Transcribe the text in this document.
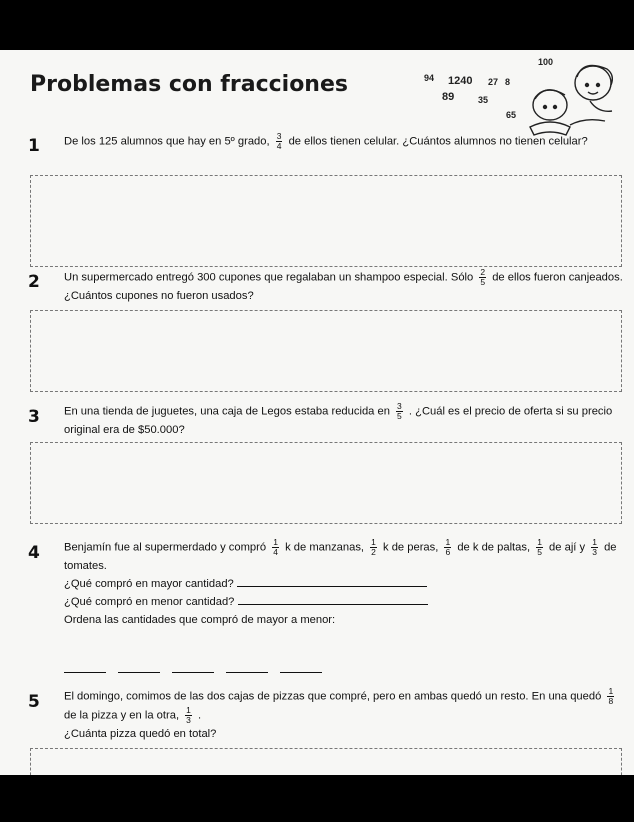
Problemas con fracciones
100
94 1240 27 8
89	35
65
1 De los 125 alumnos que hay en 5º grado, $\frac{3}{4}$ de ellos tienen celular. ¿Cuántos alumnos no tienen celular?
2 Un supermercado entregó 300 cupones que regalaban un shampoo especial. Sólo $\frac{2}{5}$ de ellos fueron canjeados. ¿Cuántos cupones no fueron usados?
3 En una tienda de juguetes, una caja de Legos estaba reducida en $\frac{3}{5}$ . ¿Cuál es el precio de oferta si su precio original era de $50.000?
4 Benjamín fue al supermerdado y compró $\frac{1}{4}$ k de manzanas, $\frac{1}{2}$ k de peras, $\frac{1}{6}$ de k de paltas, $\frac{1}{5}$ de ají y $\frac{1}{3}$ de tomates.
¿Qué compró en mayor cantidad?
¿Qué compró en menor cantidad?
Ordena las cantidades que compró de mayor a menor:
5 El domingo, comimos de las dos cajas de pizzas que compré, pero en ambas quedó un resto. En una quedó $\frac{1}{8}$
de la pizza y en la otra, $\frac{1}{3}$ .
¿Cuánta pizza quedó en total?
